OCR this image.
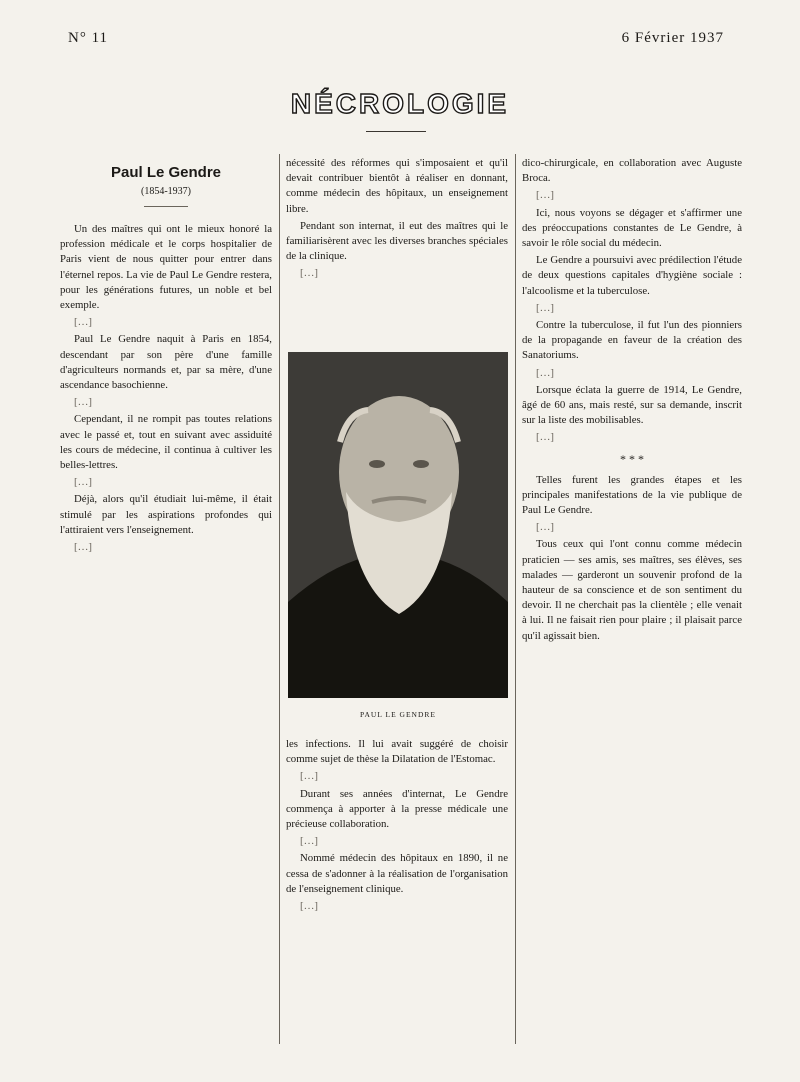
N° 11	6 Février 1937
NÉCROLOGIE
Paul Le Gendre
(1854-1937)

Un des maîtres qui ont le mieux honoré la profession médicale et le corps hospitalier de Paris vient de nous quitter pour entrer dans l'éternel repos. La vie de Paul Le Gendre restera, pour les générations futures, un noble et bel exemple.

[…]

Paul Le Gendre naquit à Paris en 1854, descendant par son père d'une famille d'agriculteurs normands et, par sa mère, d'une ascendance basochienne.

[…]

Cependant, il ne rompit pas toutes relations avec le passé et, tout en suivant avec assiduité les cours de médecine, il continua à cultiver les belles-lettres.

[…]

Déjà, alors qu'il étudiait lui-même, il était stimulé par les aspirations profondes qui l'attiraient vers l'enseignement.

[…]

nécessité des réformes qui s'imposaient et qu'il devait contribuer bientôt à réaliser en donnant, comme médecin des hôpitaux, un enseignement libre.

Pendant son internat, il eut des maîtres qui le familiarisèrent avec les diverses branches spéciales de la clinique.

[…]

PAUL LE GENDRE

les infections. Il lui avait suggéré de choisir comme sujet de thèse la Dilatation de l'Estomac.

[…]

Durant ses années d'internat, Le Gendre commença à apporter à la presse médicale une précieuse collaboration.

[…]

Nommé médecin des hôpitaux en 1890, il ne cessa de s'adonner à la réalisation de l'organisation de l'enseignement clinique.

[…]

dico-chirurgicale, en collaboration avec Auguste Broca.

[…]

Ici, nous voyons se dégager et s'affirmer une des préoccupations constantes de Le Gendre, à savoir le rôle social du médecin.

Le Gendre a poursuivi avec prédilection l'étude de deux questions capitales d'hygiène sociale : l'alcoolisme et la tuberculose.

[…]

Contre la tuberculose, il fut l'un des pionniers de la propagande en faveur de la création des Sanatoriums.

[…]

Lorsque éclata la guerre de 1914, Le Gendre, âgé de 60 ans, mais resté, sur sa demande, inscrit sur la liste des mobilisables.

[…]

* * *

Telles furent les grandes étapes et les principales manifestations de la vie publique de Paul Le Gendre.

[…]

Tous ceux qui l'ont connu comme médecin praticien — ses amis, ses maîtres, ses élèves, ses malades — garderont un souvenir profond de la hauteur de sa conscience et de son sentiment du devoir. Il ne cherchait pas la clientèle ; elle venait à lui. Il ne faisait rien pour plaire ; il plaisait parce qu'il agissait bien.
